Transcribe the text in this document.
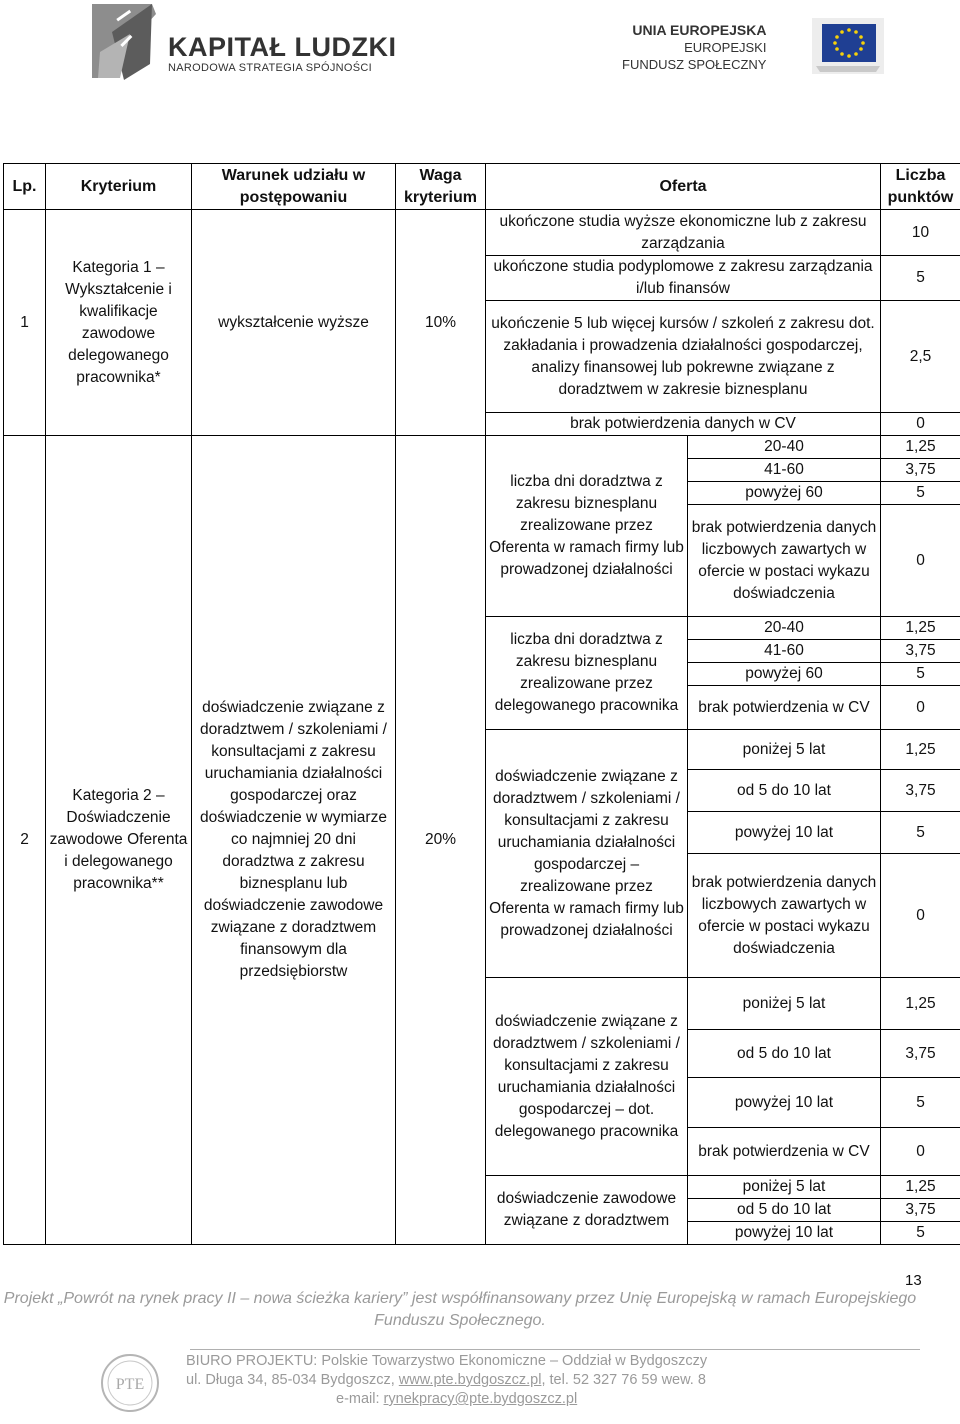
KAPITAŁ LUDZKI
NARODOWA STRATEGIA SPÓJNOŚCI
UNIA EUROPEJSKA
EUROPEJSKI
FUNDUSZ SPOŁECZNY
Lp.	Kryterium	Warunek udziału w postępowaniu	Waga kryterium	Oferta		Liczba punktów
1	Kategoria 1 – Wykształcenie i kwalifikacje zawodowe delegowanego pracownika*	wykształcenie wyższe	10%	ukończone studia wyższe ekonomiczne lub z zakresu zarządzania		10
				ukończone studia podyplomowe z zakresu zarządzania i/lub finansów		5
				ukończenie 5 lub więcej kursów / szkoleń z zakresu dot. zakładania i prowadzenia działalności gospodarczej, analizy finansowej lub pokrewne związane z doradztwem w zakresie biznesplanu		2,5
				brak potwierdzenia danych w CV		0
2	Kategoria 2 – Doświadczenie zawodowe Oferenta i delegowanego pracownika**	doświadczenie związane z doradztwem / szkoleniami / konsultacjami z zakresu uruchamiania działalności gospodarczej oraz doświadczenie w wymiarze co najmniej 20 dni doradztwa z zakresu biznesplanu lub doświadczenie zawodowe związane z doradztwem finansowym dla przedsiębiorstw	20%	liczba dni doradztwa z zakresu biznesplanu zrealizowane przez Oferenta w ramach firmy lub prowadzonej działalności	20-40	1,25
					41-60	3,75
					powyżej 60	5
					brak potwierdzenia danych liczbowych zawartych w ofercie w postaci wykazu doświadczenia	0
				liczba dni doradztwa z zakresu biznesplanu zrealizowane przez delegowanego pracownika	20-40	1,25
					41-60	3,75
					powyżej 60	5
					brak potwierdzenia w CV	0
				doświadczenie związane z doradztwem / szkoleniami / konsultacjami z zakresu uruchamiania działalności gospodarczej – zrealizowane przez Oferenta w ramach firmy lub prowadzonej działalności	poniżej 5 lat	1,25
					od 5 do 10 lat	3,75
					powyżej 10 lat	5
					brak potwierdzenia danych liczbowych zawartych w ofercie w postaci wykazu doświadczenia	0
				doświadczenie związane z doradztwem / szkoleniami / konsultacjami z zakresu uruchamiania działalności gospodarczej – dot. delegowanego pracownika	poniżej 5 lat	1,25
					od 5 do 10 lat	3,75
					powyżej 10 lat	5
					brak potwierdzenia w CV	0
				doświadczenie zawodowe związane z doradztwem	poniżej 5 lat	1,25
					od 5 do 10 lat	3,75
					powyżej 10 lat	5
13
Projekt „Powrót na rynek pracy II – nowa ścieżka kariery” jest współfinansowany przez Unię Europejską w ramach Europejskiego Funduszu Społecznego.
PTE
BIURO PROJEKTU: Polskie Towarzystwo Ekonomiczne – Oddział w Bydgoszczy
ul. Długa 34, 85-034 Bydgoszcz, www.pte.bydgoszcz.pl, tel. 52 327 76 59 wew. 8
e-mail: rynekpracy@pte.bydgoszcz.pl
